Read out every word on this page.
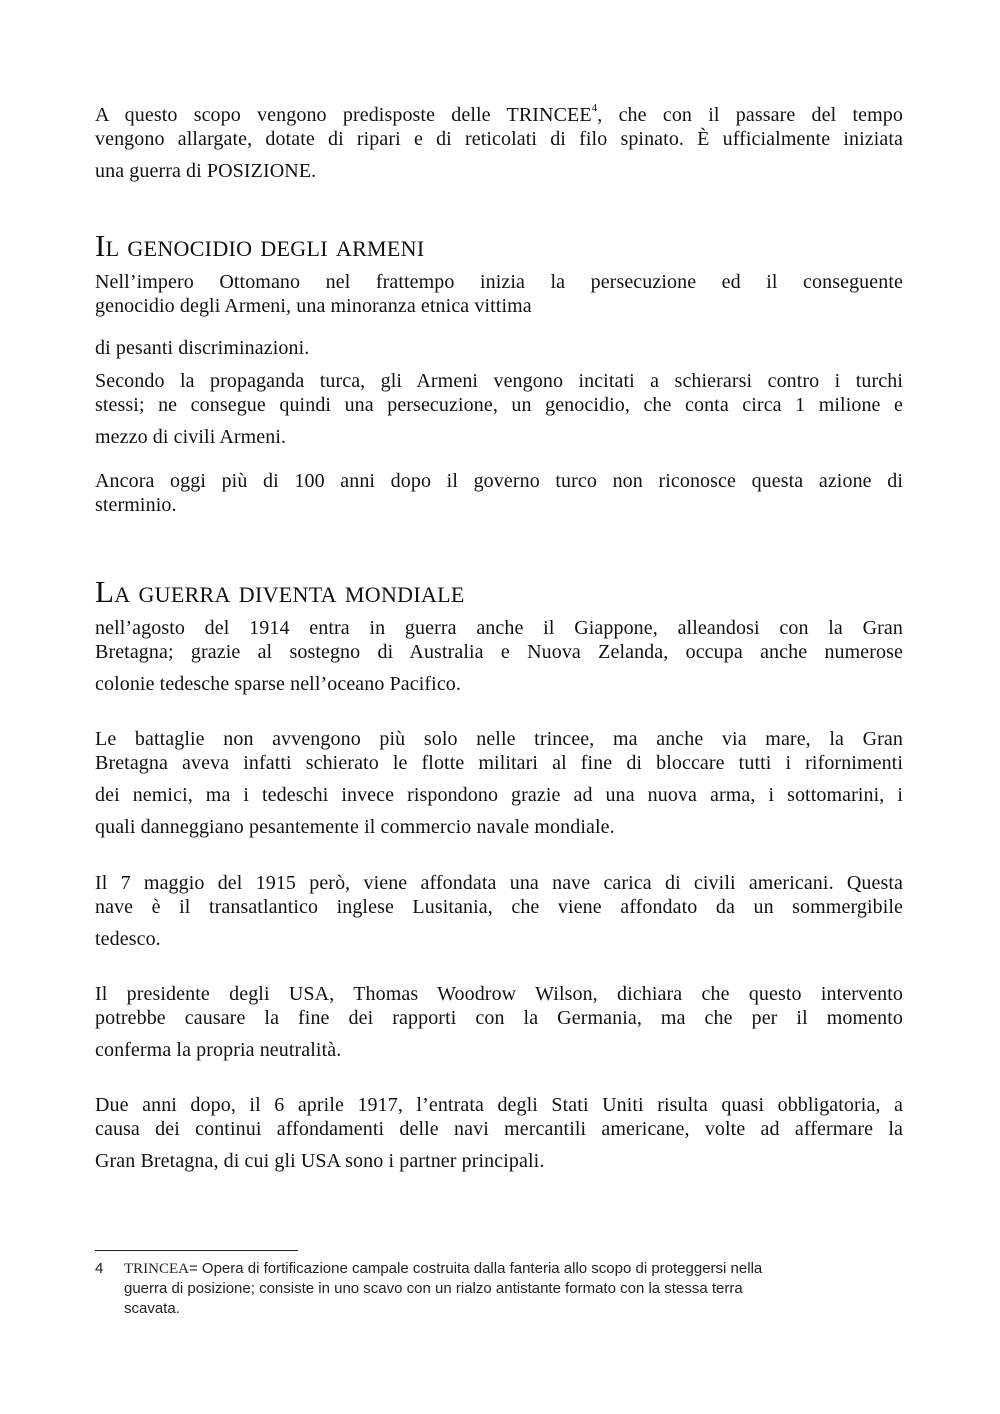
A questo scopo vengono predisposte delle TRINCEE$^4$, che con il passare del tempo
vengono allargate, dotate di ripari e di reticolati di filo spinato. È ufficialmente iniziata
una guerra di POSIZIONE.

Il genocidio degli armeni

Nell’impero Ottomano nel frattempo inizia la persecuzione ed il conseguente
genocidio degli Armeni, una minoranza etnica vittima

di pesanti discriminazioni.

Secondo la propaganda turca, gli Armeni vengono incitati a schierarsi contro i turchi
stessi; ne consegue quindi una persecuzione, un genocidio, che conta circa 1 milione e
mezzo di civili Armeni.

Ancora oggi più di 100 anni dopo il governo turco non riconosce questa azione di
sterminio.

La guerra diventa mondiale

nell’agosto del 1914 entra in guerra anche il Giappone, alleandosi con la Gran
Bretagna; grazie al sostegno di Australia e Nuova Zelanda, occupa anche numerose
colonie tedesche sparse nell’oceano Pacifico.

Le battaglie non avvengono più solo nelle trincee, ma anche via mare, la Gran
Bretagna aveva infatti schierato le flotte militari al fine di bloccare tutti i rifornimenti
dei nemici, ma i tedeschi invece rispondono grazie ad una nuova arma, i sottomarini, i
quali danneggiano pesantemente il commercio navale mondiale.

Il 7 maggio del 1915 però, viene affondata una nave carica di civili americani. Questa
nave è il transatlantico inglese Lusitania, che viene affondato da un sommergibile
tedesco.

Il presidente degli USA, Thomas Woodrow Wilson, dichiara che questo intervento
potrebbe causare la fine dei rapporti con la Germania, ma che per il momento
conferma la propria neutralità.

Due anni dopo, il 6 aprile 1917, l’entrata degli Stati Uniti risulta quasi obbligatoria, a
causa dei continui affondamenti delle navi mercantili americane, volte ad affermare la
Gran Bretagna, di cui gli USA sono i partner principali.

4 TRINCEA= Opera di fortificazione campale costruita dalla fanteria allo scopo di proteggersi nella
guerra di posizione; consiste in uno scavo con un rialzo antistante formato con la stessa terra
scavata.
